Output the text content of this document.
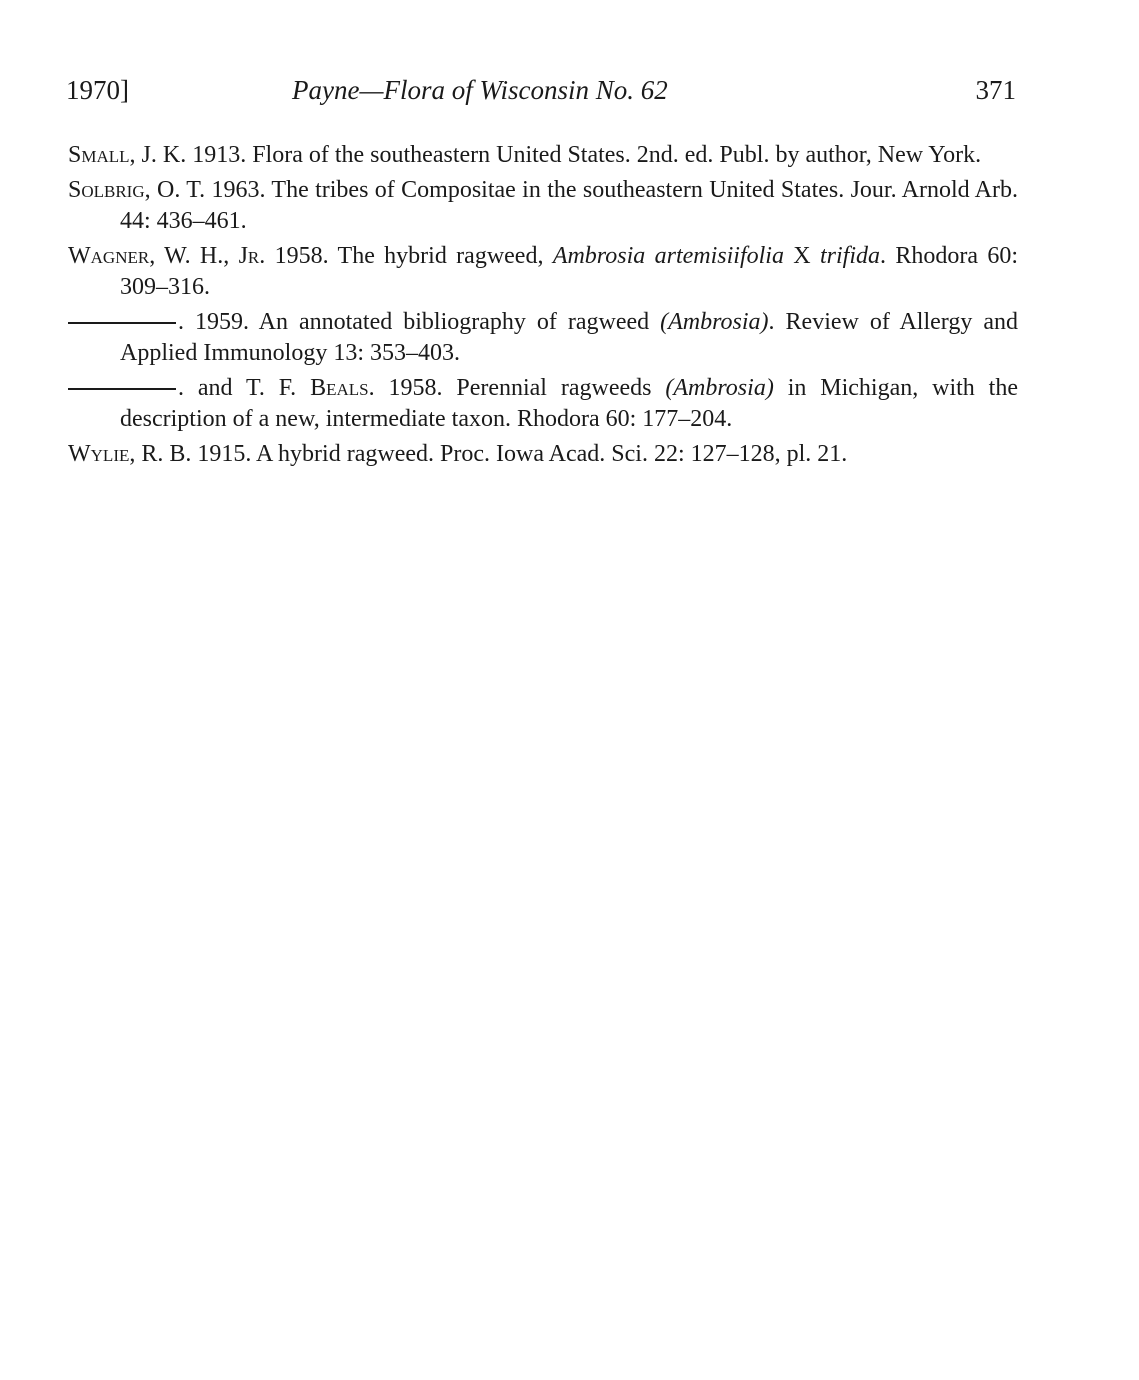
1970]	Payne—Flora of Wisconsin No. 62	371

Small, J. K. 1913. Flora of the southeastern United States. 2nd. ed. Publ. by author, New York.

Solbrig, O. T. 1963. The tribes of Compositae in the southeastern United States. Jour. Arnold Arb. 44: 436–461.

Wagner, W. H., Jr. 1958. The hybrid ragweed, Ambrosia artemisiifolia X trifida. Rhodora 60: 309–316.

. 1959. An annotated bibliography of ragweed (Ambrosia). Review of Allergy and Applied Immunology 13: 353–403.

. and T. F. Beals. 1958. Perennial ragweeds (Ambrosia) in Michigan, with the description of a new, intermediate taxon. Rhodora 60: 177–204.

Wylie, R. B. 1915. A hybrid ragweed. Proc. Iowa Acad. Sci. 22: 127–128, pl. 21.
